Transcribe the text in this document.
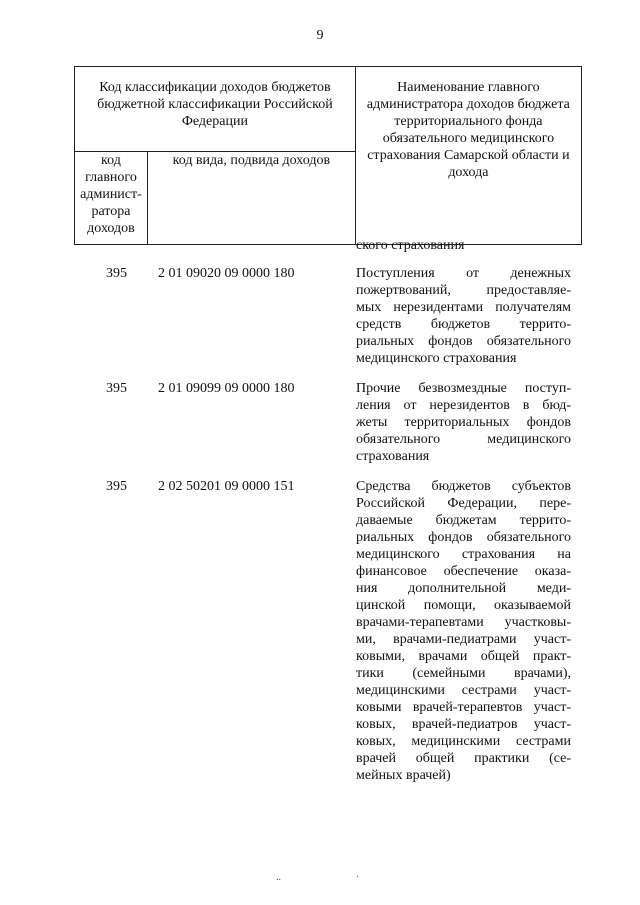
9
Код классификации доходов бюджетов бюджетной классификации Российской Федерации		Наименование главного администратора доходов бюджета территориального фонда обязательного медицинского страхования Самарской области и дохода
код главного админист-ратора доходов	код вида, подвида доходов	
ского страхования
395 2 01 09020 09 0000 180	Поступления от денежных
пожертвований, предоставляе-
мых нерезидентами получателям
средств бюджетов террито-
риальных фондов обязательного
медицинского страхования
395 2 01 09099 09 0000 180	Прочие безвозмездные поступ-
ления от нерезидентов в бюд-
жеты территориальных фондов
обязательного медицинского
страхования
395 2 02 50201 09 0000 151	Средства бюджетов субъектов
Российской Федерации, пере-
даваемые бюджетам террито-
риальных фондов обязательного
медицинского страхования на
финансовое обеспечение оказа-
ния дополнительной меди-
цинской помощи, оказываемой
врачами-терапевтами участковы-
ми, врачами-педиатрами участ-
ковыми, врачами общей практ-
тики (семейными врачами),
медицинскими сестрами участ-
ковыми врачей-терапевтов участ-
ковых, врачей-педиатров участ-
ковых, медицинскими сестрами
врачей общей практики (се-
мейных врачей)
..	·
